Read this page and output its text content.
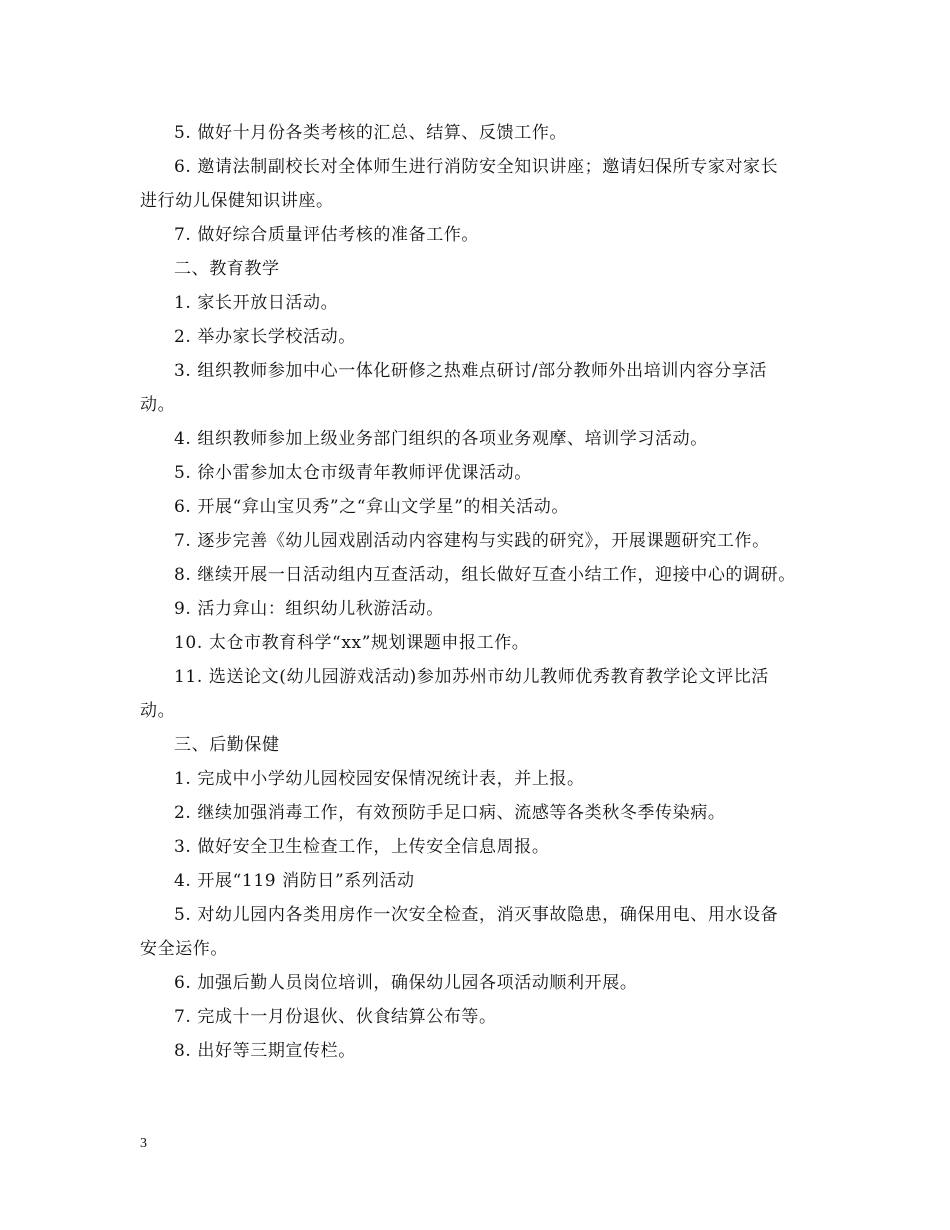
5. 做好十月份各类考核的汇总、结算、反馈工作。
6. 邀请法制副校长对全体师生进行消防安全知识讲座；邀请妇保所专家对家长
进行幼儿保健知识讲座。
7. 做好综合质量评估考核的准备工作。
二、教育教学
1. 家长开放日活动。
2. 举办家长学校活动。
3. 组织教师参加中心一体化研修之热难点研讨/部分教师外出培训内容分享活
动。
4. 组织教师参加上级业务部门组织的各项业务观摩、培训学习活动。
5. 徐小雷参加太仓市级青年教师评优课活动。
6. 开展“弇山宝贝秀”之“弇山文学星”的相关活动。
7. 逐步完善《幼儿园戏剧活动内容建构与实践的研究》，开展课题研究工作。
8. 继续开展一日活动组内互查活动，组长做好互查小结工作，迎接中心的调研。
9. 活力弇山：组织幼儿秋游活动。
10. 太仓市教育科学“xx”规划课题申报工作。
11. 选送论文(幼儿园游戏活动)参加苏州市幼儿教师优秀教育教学论文评比活
动。
三、后勤保健
1. 完成中小学幼儿园校园安保情况统计表，并上报。
2. 继续加强消毒工作，有效预防手足口病、流感等各类秋冬季传染病。
3. 做好安全卫生检查工作，上传安全信息周报。
4. 开展“119 消防日”系列活动
5. 对幼儿园内各类用房作一次安全检查，消灭事故隐患，确保用电、用水设备
安全运作。
6. 加强后勤人员岗位培训，确保幼儿园各项活动顺利开展。
7. 完成十一月份退伙、伙食结算公布等。
8. 出好等三期宣传栏。
3
